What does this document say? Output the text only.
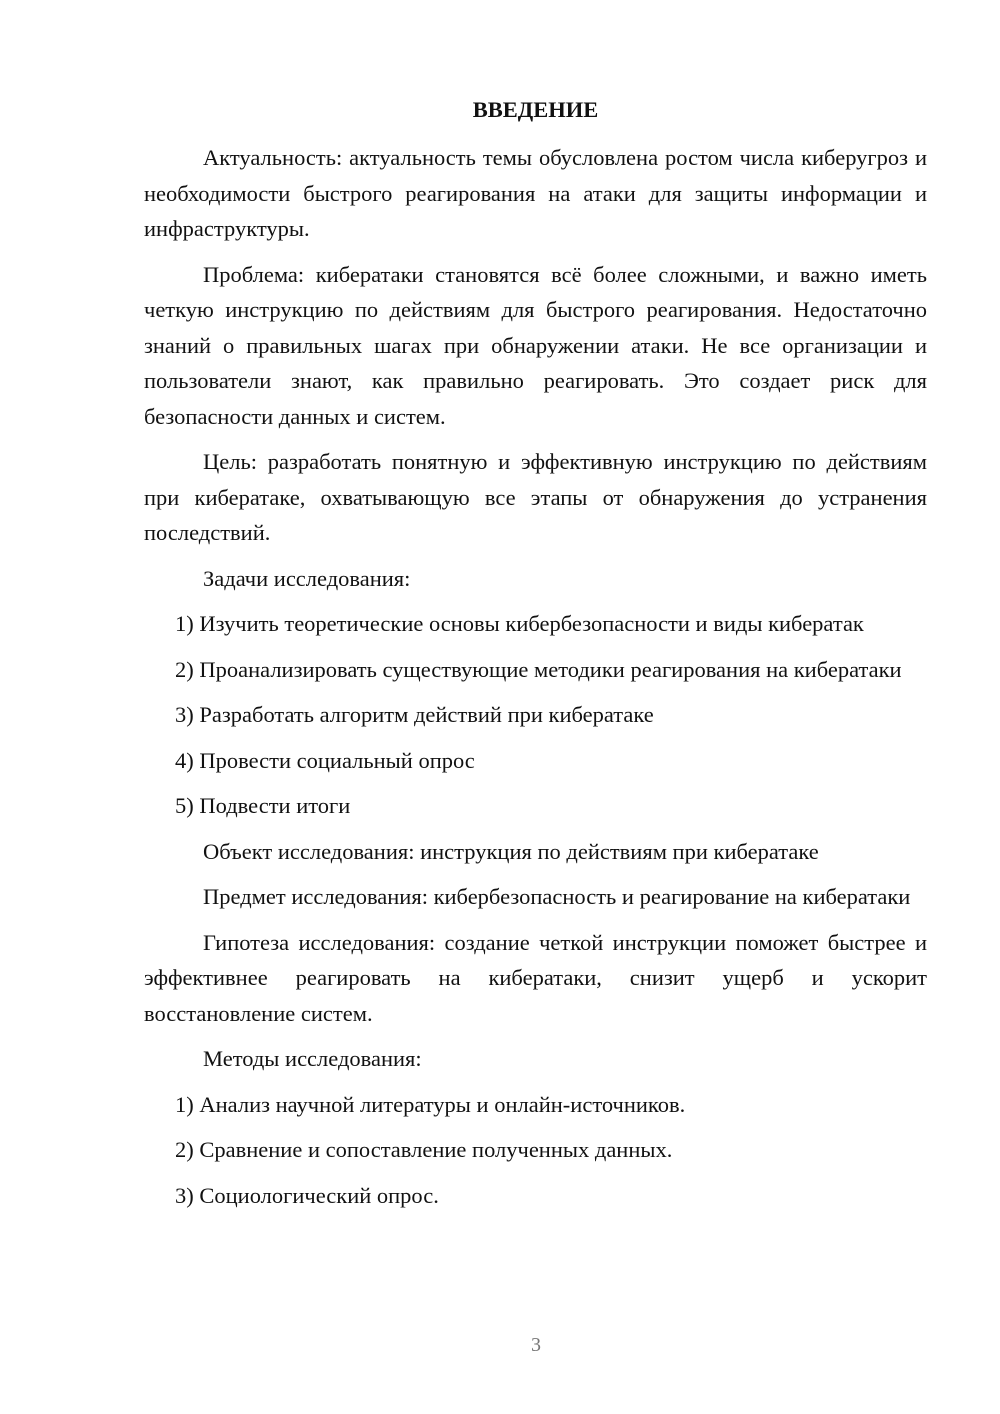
ВВЕДЕНИЕ

Актуальность: актуальность темы обусловлена ростом числа киберугроз и необходимости быстрого реагирования на атаки для защиты информации и инфраструктуры.

Проблема: кибератаки становятся всё более сложными, и важно иметь четкую инструкцию по действиям для быстрого реагирования. Недостаточно знаний о правильных шагах при обнаружении атаки. Не все организации и пользователи знают, как правильно реагировать. Это создает риск для безопасности данных и систем.

Цель: разработать понятную и эффективную инструкцию по действиям при кибератаке, охватывающую все этапы от обнаружения до устранения последствий.

Задачи исследования:

1) Изучить теоретические основы кибербезопасности и виды кибератак

2) Проанализировать существующие методики реагирования на кибератаки

3) Разработать алгоритм действий при кибератаке

4) Провести социальный опрос

5) Подвести итоги

Объект исследования: инструкция по действиям при кибератаке

Предмет исследования: кибербезопасность и реагирование на кибератаки

Гипотеза исследования: создание четкой инструкции поможет быстрее и эффективнее реагировать на кибератаки, снизит ущерб и ускорит восстановление систем.

Методы исследования:

1) Анализ научной литературы и онлайн-источников.

2) Сравнение и сопоставление полученных данных.

3) Социологический опрос.

3
